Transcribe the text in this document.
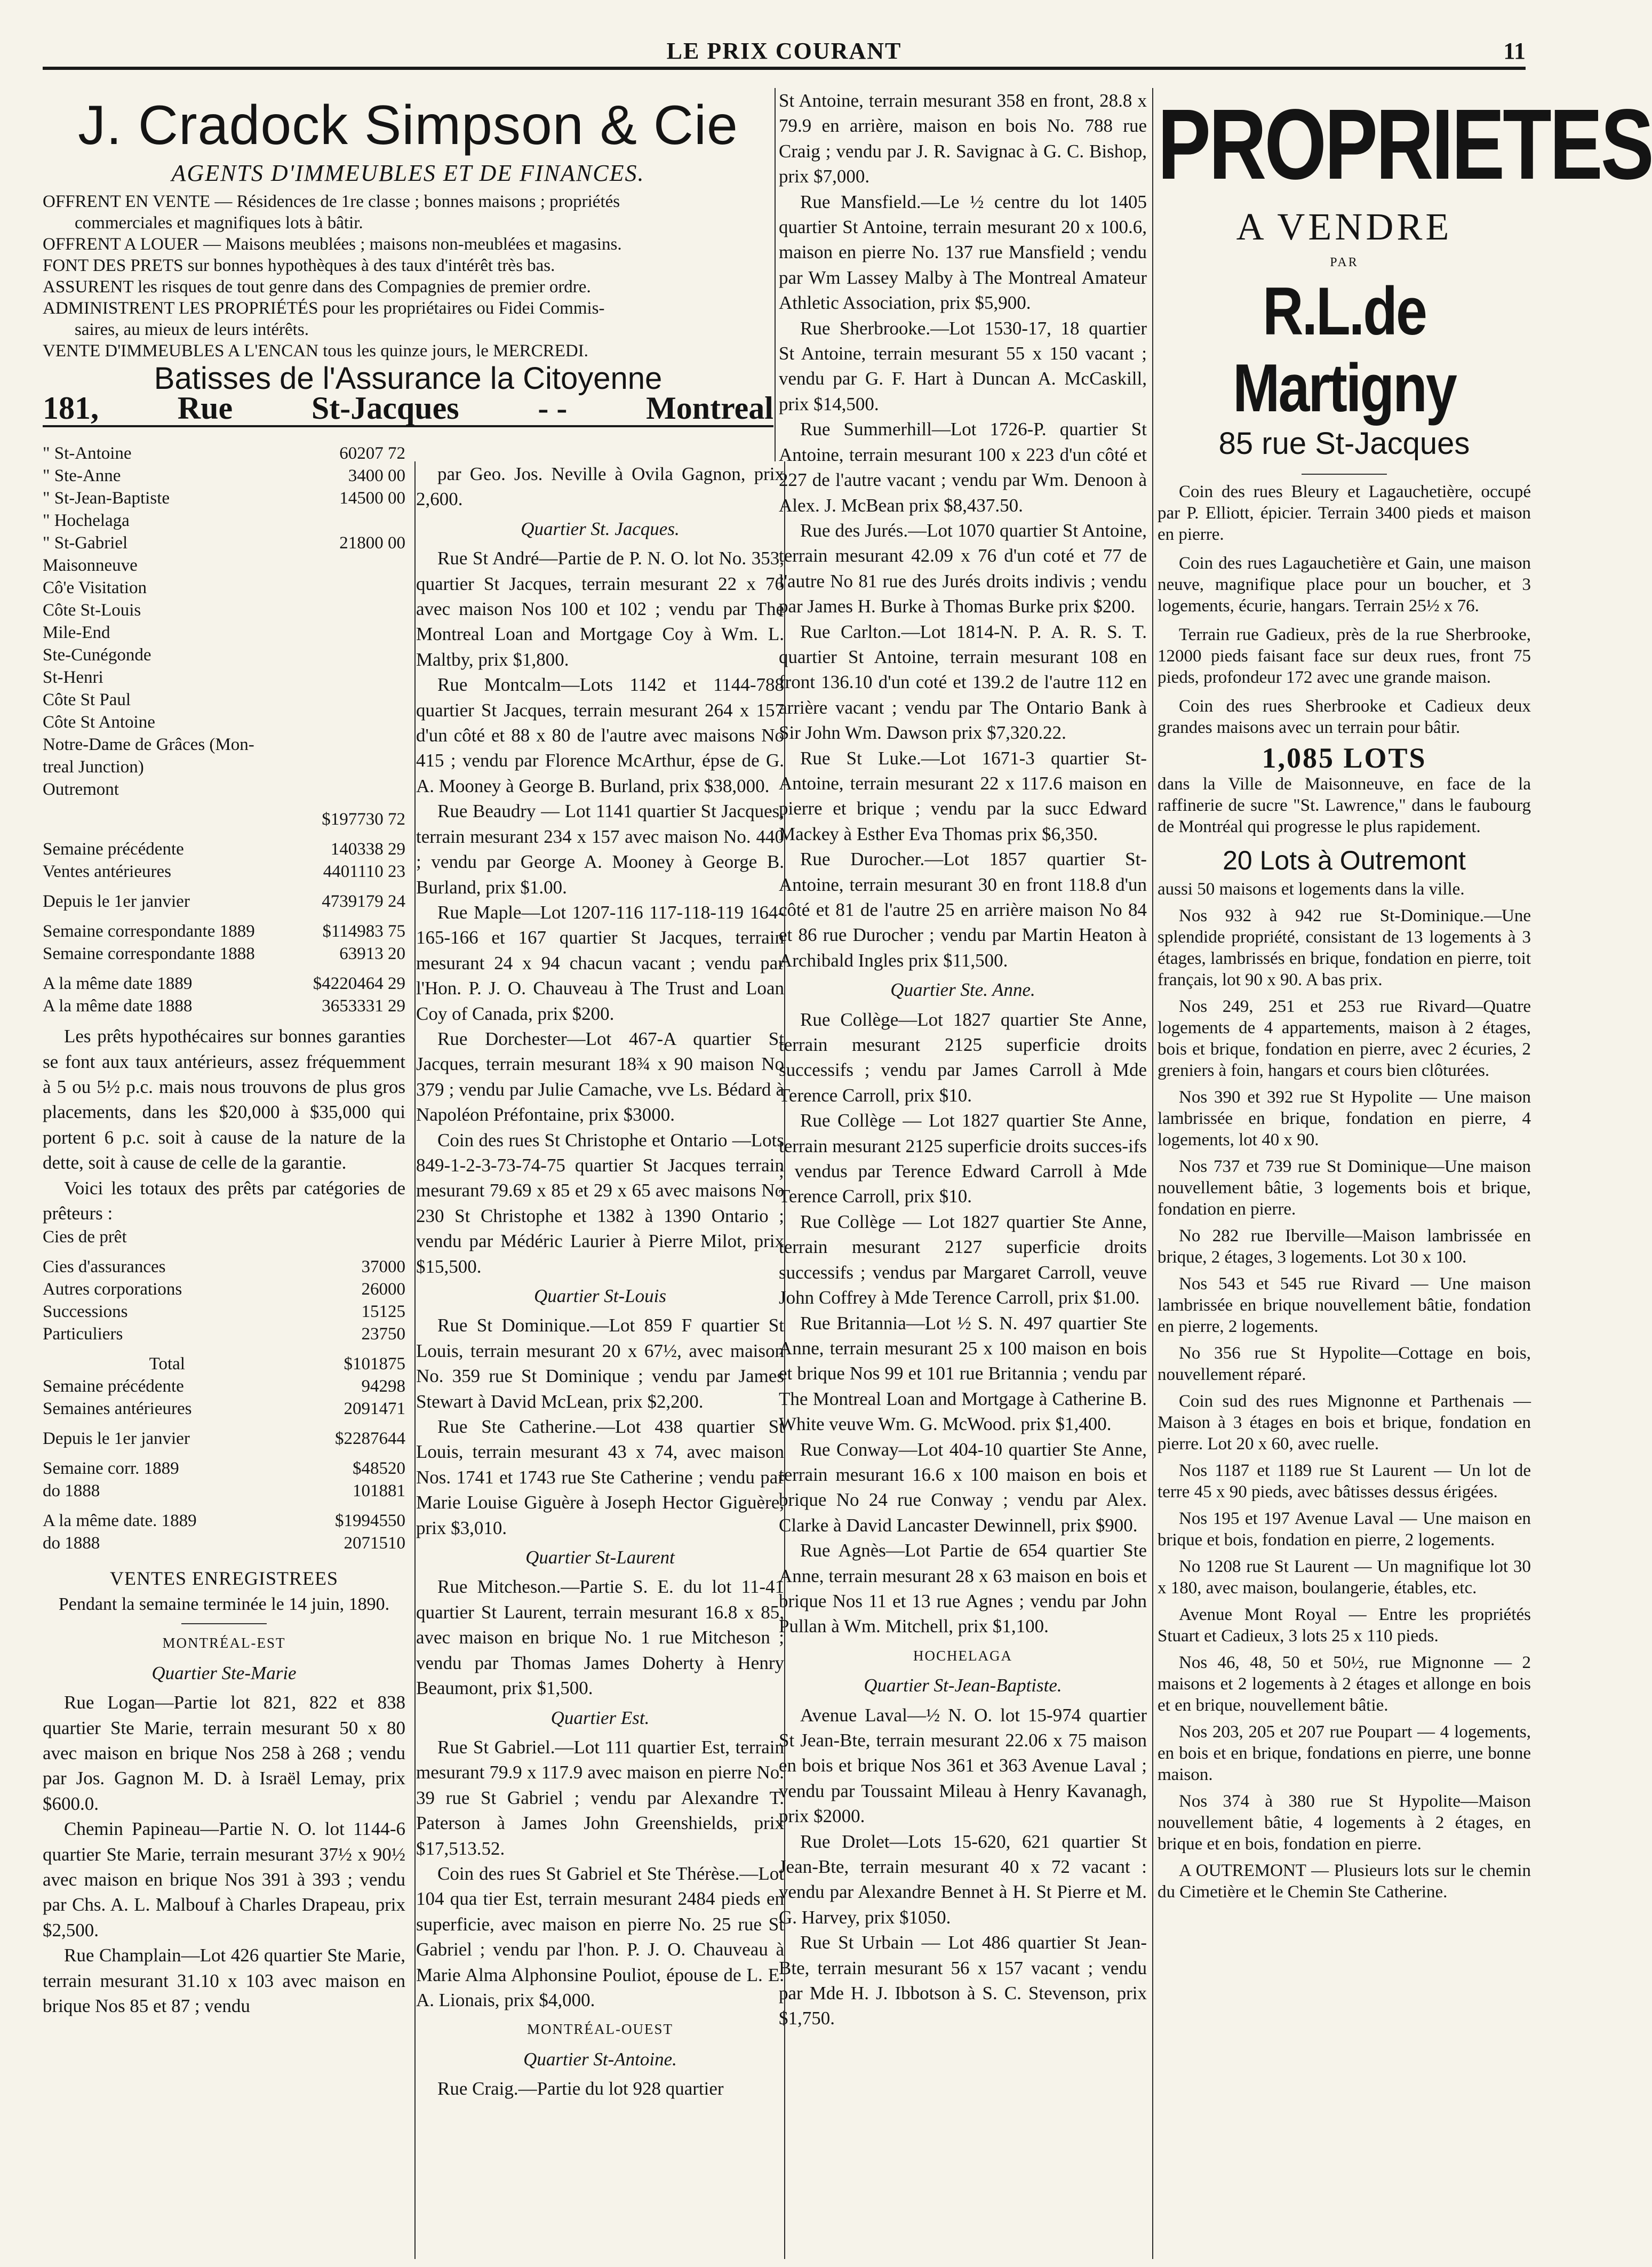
LE PRIX COURANT	11
J. Cradock Simpson & Cie
AGENTS D'IMMEUBLES ET DE FINANCES.
OFFRENT EN VENTE — Résidences de 1re classe ; bonnes maisons ; propriétés
commerciales et magnifiques lots à bâtir.
OFFRENT A LOUER — Maisons meublées ; maisons non-meublées et magasins.
FONT DES PRETS sur bonnes hypothèques à des taux d'intérêt très bas.
ASSURENT les risques de tout genre dans des Compagnies de premier ordre.
ADMINISTRENT LES PROPRIÉTÉS pour les propriétaires ou Fidei Commis-
saires, au mieux de leurs intérêts.
VENTE D'IMMEUBLES A L'ENCAN tous les quinze jours, le MERCREDI.
Batisses de l'Assurance la Citoyenne
181, Rue St-Jacques - - Montreal
" St-Antoine	60207 72
" Ste-Anne	3400 00
" St-Jean-Baptiste	14500 00
" Hochelaga	
" St-Gabriel	21800 00
Maisonneuve	
Cô'e Visitation	
Côte St-Louis	
Mile-End	
Ste-Cunégonde	
St-Henri	
Côte St Paul	
Côte St Antoine	
Notre-Dame de Grâces (Mon-	
treal Junction)	
Outremont	
	$197730 72
Semaine précédente	140338 29
Ventes antérieures	4401110 23
Depuis le 1er janvier	4739179 24
Semaine correspondante 1889	$114983 75
Semaine correspondante 1888	63913 20
A la même date 1889	$4220464 29
A la même date 1888	3653331 29

Les prêts hypothécaires sur bonnes garanties se font aux taux antérieurs, assez fréquemment à 5 ou 5½ p.c. mais nous trouvons de plus gros placements, dans les $20,000 à $35,000 qui portent 6 p.c. soit à cause de la nature de la dette, soit à cause de celle de la garantie.

Voici les totaux des prêts par catégories de prêteurs :

Cies de prêt	
Cies d'assurances	37000
Autres corporations	26000
Successions	15125
Particuliers	23750
Total	$101875
Semaine précédente	94298
Semaines antérieures	2091471
Depuis le 1er janvier	$2287644
Semaine corr. 1889	$48520
do 1888	101881
A la même date. 1889	$1994550
do 1888	2071510
VENTES ENREGISTREES
Pendant la semaine terminée le 14 juin, 1890.

MONTRÉAL-EST

Quartier Ste-Marie

Rue Logan—Partie lot 821, 822 et 838 quartier Ste Marie, terrain mesurant 50 x 80 avec maison en brique Nos 258 à 268 ; vendu par Jos. Gagnon M. D. à Israël Lemay, prix $600.0.

Chemin Papineau—Partie N. O. lot 1144-6 quartier Ste Marie, terrain mesurant 37½ x 90½ avec maison en brique Nos 391 à 393 ; vendu par Chs. A. L. Malbouf à Charles Drapeau, prix $2,500.

Rue Champlain—Lot 426 quartier Ste Marie, terrain mesurant 31.10 x 103 avec maison en brique Nos 85 et 87 ; vendu

par Geo. Jos. Neville à Ovila Gagnon, prix 2,600.

Quartier St. Jacques.

Rue St André—Partie de P. N. O. lot No. 353, quartier St Jacques, terrain mesurant 22 x 76 avec maison Nos 100 et 102 ; vendu par The Montreal Loan and Mortgage Coy à Wm. L. Maltby, prix $1,800.

Rue Montcalm—Lots 1142 et 1144-788 quartier St Jacques, terrain mesurant 264 x 157 d'un côté et 88 x 80 de l'autre avec maisons No 415 ; vendu par Florence McArthur, épse de G. A. Mooney à George B. Burland, prix $38,000.

Rue Beaudry — Lot 1141 quartier St Jacques, terrain mesurant 234 x 157 avec maison No. 440 ; vendu par George A. Mooney à George B. Burland, prix $1.00.

Rue Maple—Lot 1207-116 117-118-119 164-165-166 et 167 quartier St Jacques, terrain mesurant 24 x 94 chacun vacant ; vendu par l'Hon. P. J. O. Chauveau à The Trust and Loan Coy of Canada, prix $200.

Rue Dorchester—Lot 467-A quartier St Jacques, terrain mesurant 18¾ x 90 maison No 379 ; vendu par Julie Camache, vve Ls. Bédard à Napoléon Préfontaine, prix $3000.

Coin des rues St Christophe et Ontario —Lots 849-1-2-3-73-74-75 quartier St Jacques terrain mesurant 79.69 x 85 et 29 x 65 avec maisons No 230 St Christophe et 1382 à 1390 Ontario ; vendu par Médéric Laurier à Pierre Milot, prix $15,500.

Quartier St-Louis

Rue St Dominique.—Lot 859 F quartier St Louis, terrain mesurant 20 x 67½, avec maison No. 359 rue St Dominique ; vendu par James Stewart à David McLean, prix $2,200.

Rue Ste Catherine.—Lot 438 quartier St Louis, terrain mesurant 43 x 74, avec maison Nos. 1741 et 1743 rue Ste Catherine ; vendu par Marie Louise Giguère à Joseph Hector Giguère, prix $3,010.

Quartier St-Laurent

Rue Mitcheson.—Partie S. E. du lot 11-41 quartier St Laurent, terrain mesurant 16.8 x 85, avec maison en brique No. 1 rue Mitcheson ; vendu par Thomas James Doherty à Henry Beaumont, prix $1,500.

Quartier Est.

Rue St Gabriel.—Lot 111 quartier Est, terrain mesurant 79.9 x 117.9 avec maison en pierre No. 39 rue St Gabriel ; vendu par Alexandre T. Paterson à James John Greenshields, prix $17,513.52.

Coin des rues St Gabriel et Ste Thérèse.—Lot 104 qua tier Est, terrain mesurant 2484 pieds en superficie, avec maison en pierre No. 25 rue St Gabriel ; vendu par l'hon. P. J. O. Chauveau à Marie Alma Alphonsine Pouliot, épouse de L. E. A. Lionais, prix $4,000.

MONTRÉAL-OUEST

Quartier St-Antoine.

Rue Craig.—Partie du lot 928 quartier

St Antoine, terrain mesurant 358 en front, 28.8 x 79.9 en arrière, maison en bois No. 788 rue Craig ; vendu par J. R. Savignac à G. C. Bishop, prix $7,000.

Rue Mansfield.—Le ½ centre du lot 1405 quartier St Antoine, terrain mesurant 20 x 100.6, maison en pierre No. 137 rue Mansfield ; vendu par Wm Lassey Malby à The Montreal Amateur Athletic Association, prix $5,900.

Rue Sherbrooke.—Lot 1530-17, 18 quartier St Antoine, terrain mesurant 55 x 150 vacant ; vendu par G. F. Hart à Duncan A. McCaskill, prix $14,500.

Rue Summerhill—Lot 1726-P. quartier St Antoine, terrain mesurant 100 x 223 d'un côté et 227 de l'autre vacant ; vendu par Wm. Denoon à Alex. J. McBean prix $8,437.50.

Rue des Jurés.—Lot 1070 quartier St Antoine, terrain mesurant 42.09 x 76 d'un coté et 77 de l'autre No 81 rue des Jurés droits indivis ; vendu par James H. Burke à Thomas Burke prix $200.

Rue Carlton.—Lot 1814-N. P. A. R. S. T. quartier St Antoine, terrain mesurant 108 en front 136.10 d'un coté et 139.2 de l'autre 112 en arrière vacant ; vendu par The Ontario Bank à Sir John Wm. Dawson prix $7,320.22.

Rue St Luke.—Lot 1671-3 quartier St-Antoine, terrain mesurant 22 x 117.6 maison en pierre et brique ; vendu par la succ Edward Mackey à Esther Eva Thomas prix $6,350.

Rue Durocher.—Lot 1857 quartier St-Antoine, terrain mesurant 30 en front 118.8 d'un côté et 81 de l'autre 25 en arrière maison No 84 et 86 rue Durocher ; vendu par Martin Heaton à Archibald Ingles prix $11,500.

Quartier Ste. Anne.

Rue Collège—Lot 1827 quartier Ste Anne, terrain mesurant 2125 superficie droits successifs ; vendu par James Carroll à Mde Terence Carroll, prix $10.

Rue Collège — Lot 1827 quartier Ste Anne, terrain mesurant 2125 superficie droits succes-ifs ; vendus par Terence Edward Carroll à Mde Terence Carroll, prix $10.

Rue Collège — Lot 1827 quartier Ste Anne, terrain mesurant 2127 superficie droits successifs ; vendus par Margaret Carroll, veuve John Coffrey à Mde Terence Carroll, prix $1.00.

Rue Britannia—Lot ½ S. N. 497 quartier Ste Anne, terrain mesurant 25 x 100 maison en bois et brique Nos 99 et 101 rue Britannia ; vendu par The Montreal Loan and Mortgage à Catherine B. White veuve Wm. G. McWood. prix $1,400.

Rue Conway—Lot 404-10 quartier Ste Anne, terrain mesurant 16.6 x 100 maison en bois et brique No 24 rue Conway ; vendu par Alex. Clarke à David Lancaster Dewinnell, prix $900.

Rue Agnès—Lot Partie de 654 quartier Ste Anne, terrain mesurant 28 x 63 maison en bois et brique Nos 11 et 13 rue Agnes ; vendu par John Pullan à Wm. Mitchell, prix $1,100.

HOCHELAGA

Quartier St-Jean-Baptiste.

Avenue Laval—½ N. O. lot 15-974 quartier St Jean-Bte, terrain mesurant 22.06 x 75 maison en bois et brique Nos 361 et 363 Avenue Laval ; vendu par Toussaint Mileau à Henry Kavanagh, prix $2000.

Rue Drolet—Lots 15-620, 621 quartier St Jean-Bte, terrain mesurant 40 x 72 vacant : vendu par Alexandre Bennet à H. St Pierre et M. G. Harvey, prix $1050.

Rue St Urbain — Lot 486 quartier St Jean-Bte, terrain mesurant 56 x 157 vacant ; vendu par Mde H. J. Ibbotson à S. C. Stevenson, prix $1,750.

PROPRIETES
A VENDRE
PAR
R.L.de Martigny
85 rue St-Jacques

Coin des rues Bleury et Lagauchetière, occupé par P. Elliott, épicier. Terrain 3400 pieds et maison en pierre.

Coin des rues Lagauchetière et Gain, une maison neuve, magnifique place pour un boucher, et 3 logements, écurie, hangars. Terrain 25½ x 76.

Terrain rue Gadieux, près de la rue Sherbrooke, 12000 pieds faisant face sur deux rues, front 75 pieds, profondeur 172 avec une grande maison.

Coin des rues Sherbrooke et Cadieux deux grandes maisons avec un terrain pour bâtir.

1,085 LOTS

dans la Ville de Maisonneuve, en face de la raffinerie de sucre "St. Lawrence," dans le faubourg de Montréal qui progresse le plus rapidement.

20 Lots à Outremont

aussi 50 maisons et logements dans la ville.

Nos 932 à 942 rue St-Dominique.—Une splendide propriété, consistant de 13 logements à 3 étages, lambrissés en brique, fondation en pierre, toit français, lot 90 x 90. A bas prix.

Nos 249, 251 et 253 rue Rivard—Quatre logements de 4 appartements, maison à 2 étages, bois et brique, fondation en pierre, avec 2 écuries, 2 greniers à foin, hangars et cours bien clôturées.

Nos 390 et 392 rue St Hypolite — Une maison lambrissée en brique, fondation en pierre, 4 logements, lot 40 x 90.

Nos 737 et 739 rue St Dominique—Une maison nouvellement bâtie, 3 logements bois et brique, fondation en pierre.

No 282 rue Iberville—Maison lambrissée en brique, 2 étages, 3 logements. Lot 30 x 100.

Nos 543 et 545 rue Rivard — Une maison lambrissée en brique nouvellement bâtie, fondation en pierre, 2 logements.

No 356 rue St Hypolite—Cottage en bois, nouvellement réparé.

Coin sud des rues Mignonne et Parthenais — Maison à 3 étages en bois et brique, fondation en pierre. Lot 20 x 60, avec ruelle.

Nos 1187 et 1189 rue St Laurent — Un lot de terre 45 x 90 pieds, avec bâtisses dessus érigées.

Nos 195 et 197 Avenue Laval — Une maison en brique et bois, fondation en pierre, 2 logements.

No 1208 rue St Laurent — Un magnifique lot 30 x 180, avec maison, boulangerie, étables, etc.

Avenue Mont Royal — Entre les propriétés Stuart et Cadieux, 3 lots 25 x 110 pieds.

Nos 46, 48, 50 et 50½, rue Mignonne — 2 maisons et 2 logements à 2 étages et allonge en bois et en brique, nouvellement bâtie.

Nos 203, 205 et 207 rue Poupart — 4 logements, en bois et en brique, fondations en pierre, une bonne maison.

Nos 374 à 380 rue St Hypolite—Maison nouvellement bâtie, 4 logements à 2 étages, en brique et en bois, fondation en pierre.

A OUTREMONT — Plusieurs lots sur le chemin du Cimetière et le Chemin Ste Catherine.
